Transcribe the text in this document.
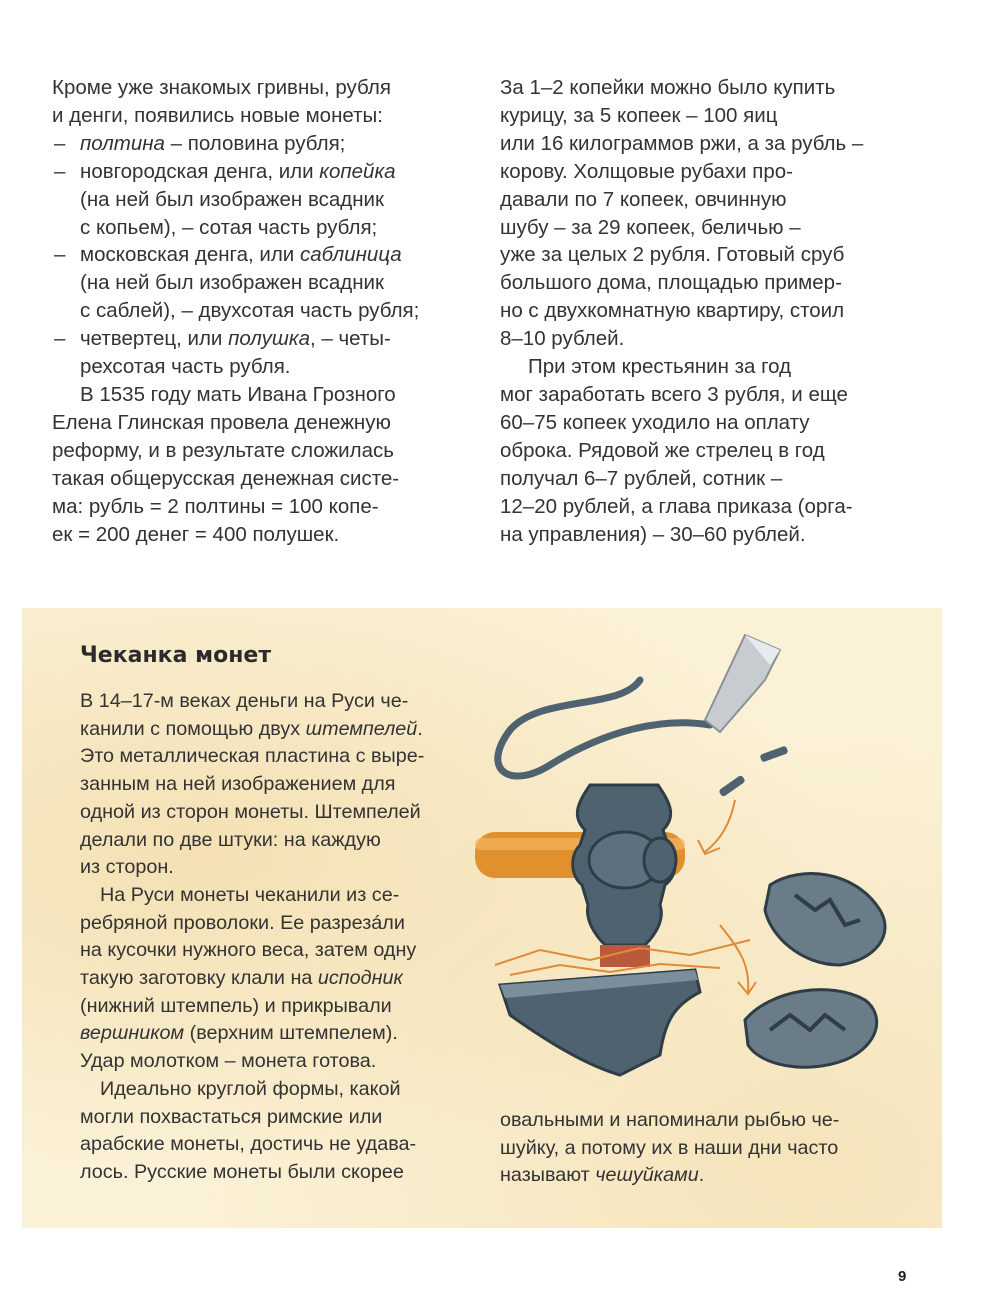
Кроме уже знакомых гривны, рубля
и денги, появились новые монеты:

– полтина – половина рубля;
– новгородская денга, или копейка
(на ней был изображен всадник
с копьем), – сотая часть рубля;
– московская денга, или саблиница
(на ней был изображен всадник
с саблей), – двухсотая часть рубля;
– четвертец, или полушка, – четы-
рехсотая часть рубля.

В 1535 году мать Ивана Грозного
Елена Глинская провела денежную
реформу, и в результате сложилась
такая общерусская денежная систе-
ма: рубль = 2 полтины = 100 копе-
ек = 200 денег = 400 полушек.

За 1–2 копейки можно было купить
курицу, за 5 копеек – 100 яиц
или 16 килограммов ржи, а за рубль –
корову. Холщовые рубахи про-
давали по 7 копеек, овчинную
шубу – за 29 копеек, беличью –
уже за целых 2 рубля. Готовый сруб
большого дома, площадью пример-
но с двухкомнатную квартиру, стоил
8–10 рублей.

При этом крестьянин за год
мог заработать всего 3 рубля, и еще
60–75 копеек уходило на оплату
оброка. Рядовой же стрелец в год
получал 6–7 рублей, сотник –
12–20 рублей, а глава приказа (орга-
на управления) – 30–60 рублей.

Чеканка монет

В 14–17-м веках деньги на Руси че-
канили с помощью двух штемпелей.
Это металлическая пластина с выре-
занным на ней изображением для
одной из сторон монеты. Штемпелей
делали по две штуки: на каждую
из сторон.

На Руси монеты чеканили из се-
ребряной проволоки. Ее разрезáли
на кусочки нужного веса, затем одну
такую заготовку клали на исподник
(нижний штемпель) и прикрывали
вершником (верхним штемпелем).
Удар молотком – монета готова.

Идеально круглой формы, какой
могли похвастаться римские или
арабские монеты, достичь не удава-
лось. Русские монеты были скорее

овальными и напоминали рыбью че-
шуйку, а потому их в наши дни часто
называют чешуйками.
9
